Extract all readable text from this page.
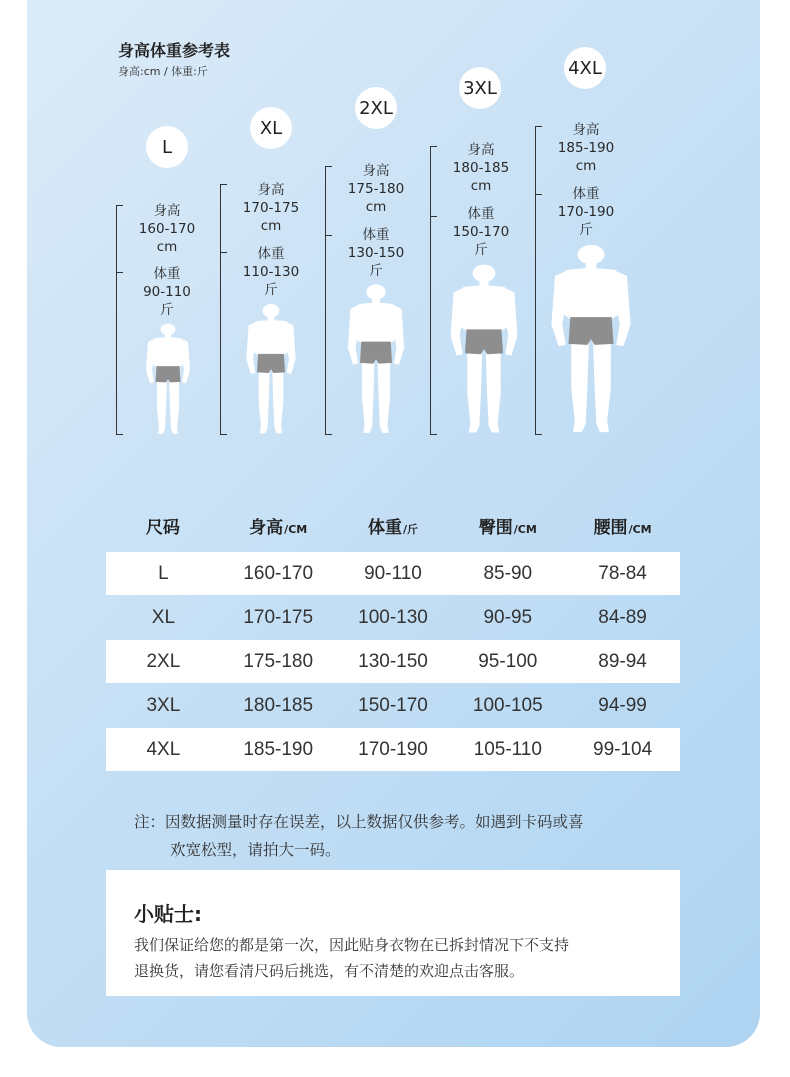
身高体重参考表
身高:cm / 体重:斤
L
身高
160-170
cm
体重
90-110
斤
XL
身高
170-175
cm
体重
110-130
斤
2XL
身高
175-180
cm
体重
130-150
斤
3XL
身高
180-185
cm
体重
150-170
斤
4XL
身高
185-190
cm
体重
170-190
斤
尺码	身高 /CM	体重 /斤	臀围 /CM	腰围 /CM
L	160-170	90-110	85-90	78-84
XL	170-175	100-130	90-95	84-89
2XL	175-180	130-150	95-100	89-94
3XL	180-185	150-170	100-105	94-99
4XL	185-190	170-190	105-110	99-104
注：因数据测量时存在误差，以上数据仅供参考。如遇到卡码或喜
欢宽松型，请拍大一码。
小贴士:
我们保证给您的都是第一次，因此贴身衣物在已拆封情况下不支持
退换货，请您看清尺码后挑选，有不清楚的欢迎点击客服。
